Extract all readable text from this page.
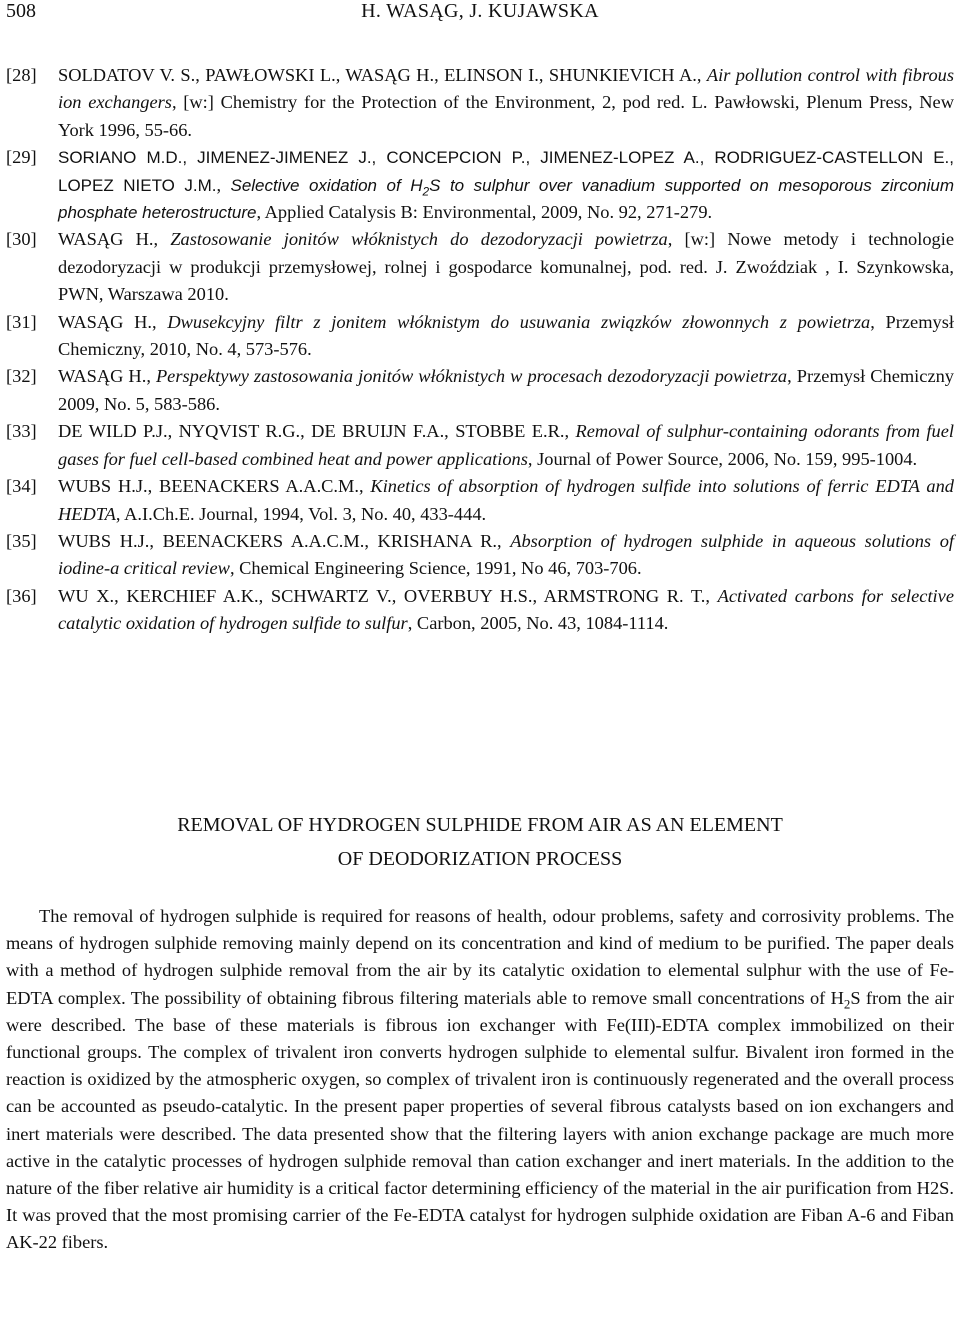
508	H. WASĄG, J. KUJAWSKA
[28] SOLDATOV V. S., PAWŁOWSKI L., WASĄG H., ELINSON I., SHUNKIEVICH A., Air pollution control with fibrous ion exchangers, [w:] Chemistry for the Protection of the Environment, 2, pod red. L. Pawłowski, Plenum Press, New York 1996, 55-66.
[29] SORIANO M.D., JIMENEZ-JIMENEZ J., CONCEPCION P., JIMENEZ-LOPEZ A., RODRIGUEZ-CASTELLON E., LOPEZ NIETO J.M., Selective oxidation of $H_2S$ to sulphur over vanadium supported on mesoporous zirconium phosphate heterostructure, Applied Catalysis B: Environmental, 2009, No. 92, 271-279.
[30] WASĄG H., Zastosowanie jonitów włóknistych do dezodoryzacji powietrza, [w:] Nowe metody i technologie dezodoryzacji w produkcji przemysłowej, rolnej i gospodarce komunalnej, pod. red. J. Zwoździak , I. Szynkowska, PWN, Warszawa 2010.
[31] WASĄG H., Dwusekcyjny filtr z jonitem włóknistym do usuwania związków złowonnych z powietrza, Przemysł Chemiczny, 2010, No. 4, 573-576.
[32] WASĄG H., Perspektywy zastosowania jonitów włóknistych w procesach dezodoryzacji powietrza, Przemysł Chemiczny 2009, No. 5, 583-586.
[33] DE WILD P.J., NYQVIST R.G., DE BRUIJN F.A., STOBBE E.R., Removal of sulphur-containing odorants from fuel gases for fuel cell-based combined heat and power applications, Journal of Power Source, 2006, No. 159, 995-1004.
[34] WUBS H.J., BEENACKERS A.A.C.M., Kinetics of absorption of hydrogen sulfide into solutions of ferric EDTA and HEDTA, A.I.Ch.E. Journal, 1994, Vol. 3, No. 40, 433-444.
[35] WUBS H.J., BEENACKERS A.A.C.M., KRISHANA R., Absorption of hydrogen sulphide in aqueous solutions of iodine-a critical review, Chemical Engineering Science, 1991, No 46, 703-706.
[36] WU X., KERCHIEF A.K., SCHWARTZ V., OVERBUY H.S., ARMSTRONG R. T., Activated carbons for selective catalytic oxidation of hydrogen sulfide to sulfur, Carbon, 2005, No. 43, 1084-1114.
REMOVAL OF HYDROGEN SULPHIDE FROM AIR AS AN ELEMENT
OF DEODORIZATION PROCESS

The removal of hydrogen sulphide is required for reasons of health, odour problems, safety and corrosivity problems. The means of hydrogen sulphide removing mainly depend on its concentration and kind of medium to be purified. The paper deals with a method of hydrogen sulphide removal from the air by its catalytic oxidation to elemental sulphur with the use of Fe-EDTA complex. The possibility of obtaining fibrous filtering materials able to remove small concentrations of $H_2S$ from the air were described. The base of these materials is fibrous ion exchanger with Fe(III)-EDTA complex immobilized on their functional groups. The complex of trivalent iron converts hydrogen sulphide to elemental sulfur. Bivalent iron formed in the reaction is oxidized by the atmospheric oxygen, so complex of trivalent iron is continuously regenerated and the overall process can be accounted as pseudo-catalytic. In the present paper properties of several fibrous catalysts based on ion exchangers and inert materials were described. The data presented show that the filtering layers with anion exchange package are much more active in the catalytic processes of hydrogen sulphide removal than cation exchanger and inert materials. In the addition to the nature of the fiber relative air humidity is a critical factor determining efficiency of the material in the air purification from H2S. It was proved that the most promising carrier of the Fe-EDTA catalyst for hydrogen sulphide oxidation are Fiban A-6 and Fiban AK-22 fibers.
